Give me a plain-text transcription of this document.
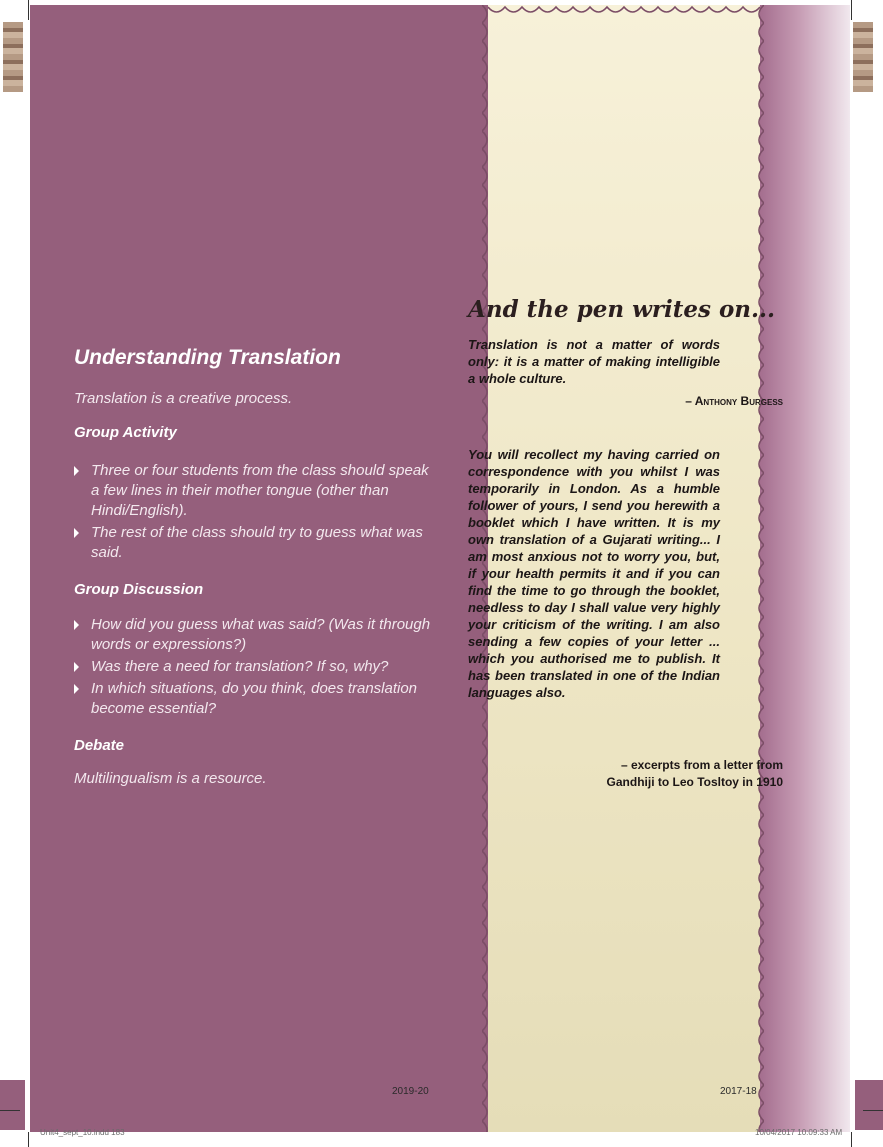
Understanding Translation

Translation is a creative process.

Group Activity
Three or four students from the class should speak a few lines in their mother tongue (other than Hindi/English).
The rest of the class should try to guess what was said.
Group Discussion
How did you guess what was said? (Was it through words or expressions?)
Was there a need for translation? If so, why?
In which situations, do you think, does translation become essential?
Debate

Multilingualism is a resource.

And the pen writes on...

Translation is not a matter of words only: it is a matter of making intelligible a whole culture.

– Anthony Burgess

You will recollect my having carried on correspondence with you whilst I was temporarily in London. As a humble follower of yours, I send you herewith a booklet which I have written. It is my own translation of a Gujarati writing... I am most anxious not to worry you, but, if your health permits it and if you can find the time to go through the booklet, needless to day I shall value very highly your criticism of the writing. I am also sending a few copies of your letter ... which you authorised me to publish. It has been translated in one of the Indian languages also.

– excerpts from a letter from
Gandhiji to Leo Tosltoy in 1910

2019-20	2017-18

Unit4_sept_10.indd 183	10/04/2017 10:09:33 AM
